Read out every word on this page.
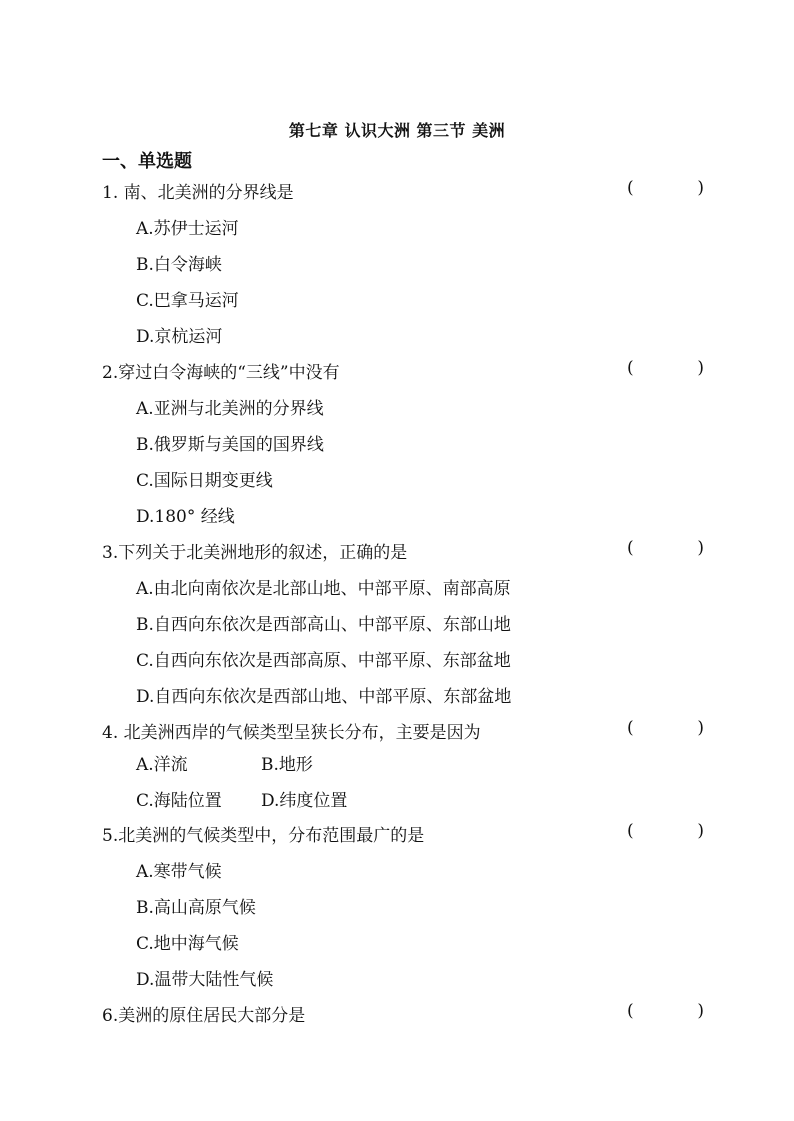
第七章 认识大洲 第三节 美洲
一、单选题
1. 南、北美洲的分界线是	(	)
A.苏伊士运河
B.白令海峡
C.巴拿马运河
D.京杭运河
2.穿过白令海峡的“三线”中没有	(	)
A.亚洲与北美洲的分界线
B.俄罗斯与美国的国界线
C.国际日期变更线
D.180° 经线
3.下列关于北美洲地形的叙述，正确的是	(	)
A.由北向南依次是北部山地、中部平原、南部高原
B.自西向东依次是西部高山、中部平原、东部山地
C.自西向东依次是西部高原、中部平原、东部盆地
D.自西向东依次是西部山地、中部平原、东部盆地
4. 北美洲西岸的气候类型呈狭长分布，主要是因为	(	)
A.洋流	B.地形
C.海陆位置 D.纬度位置
5.北美洲的气候类型中，分布范围最广的是	(	)
A.寒带气候
B.高山高原气候
C.地中海气候
D.温带大陆性气候
6.美洲的原住居民大部分是	(	)
